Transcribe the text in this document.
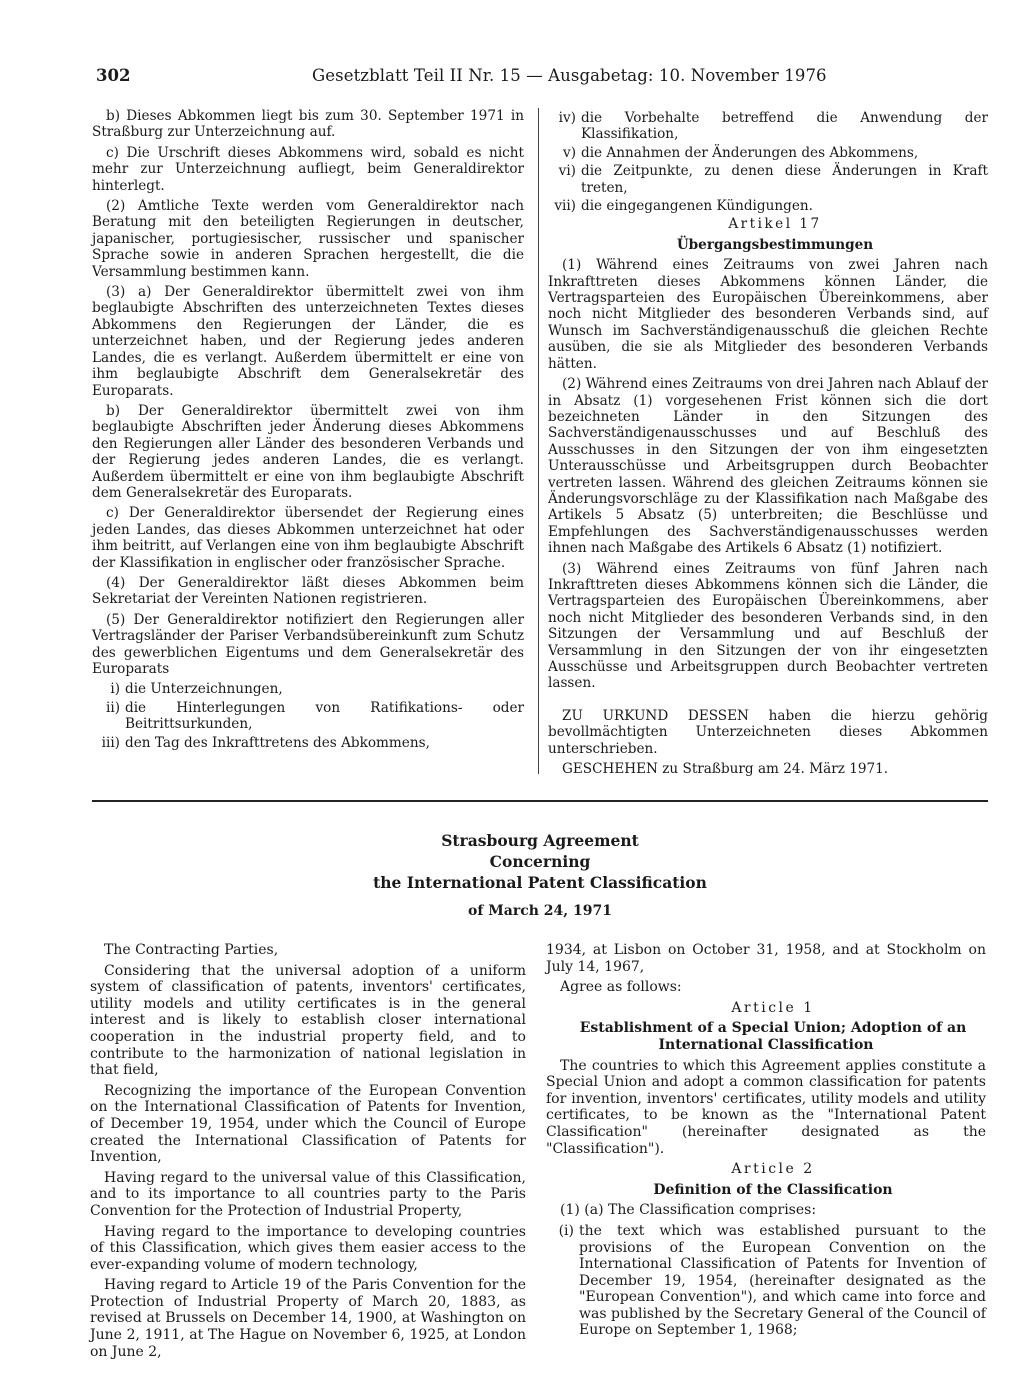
302	Gesetzblatt Teil II Nr. 15 — Ausgabetag: 10. November 1976

b) Dieses Abkommen liegt bis zum 30. September 1971 in Straßburg zur Unterzeichnung auf.

c) Die Urschrift dieses Abkommens wird, sobald es nicht mehr zur Unterzeichnung aufliegt, beim Generaldirektor hinterlegt.

(2) Amtliche Texte werden vom Generaldirektor nach Beratung mit den beteiligten Regierungen in deutscher, japanischer, portugiesischer, russischer und spanischer Sprache sowie in anderen Sprachen hergestellt, die die Versammlung bestimmen kann.

(3) a) Der Generaldirektor übermittelt zwei von ihm beglaubigte Abschriften des unterzeichneten Textes dieses Abkommens den Regierungen der Länder, die es unterzeichnet haben, und der Regierung jedes anderen Landes, die es verlangt. Außerdem übermittelt er eine von ihm beglaubigte Abschrift dem Generalsekretär des Europarats.

b) Der Generaldirektor übermittelt zwei von ihm beglaubigte Abschriften jeder Änderung dieses Abkommens den Regierungen aller Länder des besonderen Verbands und der Regierung jedes anderen Landes, die es verlangt. Außerdem übermittelt er eine von ihm beglaubigte Abschrift dem Generalsekretär des Europarats.

c) Der Generaldirektor übersendet der Regierung eines jeden Landes, das dieses Abkommen unterzeichnet hat oder ihm beitritt, auf Verlangen eine von ihm beglaubigte Abschrift der Klassifikation in englischer oder französischer Sprache.

(4) Der Generaldirektor läßt dieses Abkommen beim Sekretariat der Vereinten Nationen registrieren.

(5) Der Generaldirektor notifiziert den Regierungen aller Vertragsländer der Pariser Verbandsübereinkunft zum Schutz des gewerblichen Eigentums und dem Generalsekretär des Europarats

i) die Unterzeichnungen,
ii) die Hinterlegungen von Ratifikations- oder Beitrittsurkunden,
iii) den Tag des Inkrafttretens des Abkommens,
iv) die Vorbehalte betreffend die Anwendung der Klassifikation,
v) die Annahmen der Änderungen des Abkommens,
vi) die Zeitpunkte, zu denen diese Änderungen in Kraft treten,
vii) die eingegangenen Kündigungen.

Artikel 17

Übergangsbestimmungen

(1) Während eines Zeitraums von zwei Jahren nach Inkrafttreten dieses Abkommens können Länder, die Vertragsparteien des Europäischen Übereinkommens, aber noch nicht Mitglieder des besonderen Verbands sind, auf Wunsch im Sachverständigenausschuß die gleichen Rechte ausüben, die sie als Mitglieder des besonderen Verbands hätten.

(2) Während eines Zeitraums von drei Jahren nach Ablauf der in Absatz (1) vorgesehenen Frist können sich die dort bezeichneten Länder in den Sitzungen des Sachverständigenausschusses und auf Beschluß des Ausschusses in den Sitzungen der von ihm eingesetzten Unterausschüsse und Arbeitsgruppen durch Beobachter vertreten lassen. Während des gleichen Zeitraums können sie Änderungsvorschläge zu der Klassifikation nach Maßgabe des Artikels 5 Absatz (5) unterbreiten; die Beschlüsse und Empfehlungen des Sachverständigenausschusses werden ihnen nach Maßgabe des Artikels 6 Absatz (1) notifiziert.

(3) Während eines Zeitraums von fünf Jahren nach Inkrafttreten dieses Abkommens können sich die Länder, die Vertragsparteien des Europäischen Übereinkommens, aber noch nicht Mitglieder des besonderen Verbands sind, in den Sitzungen der Versammlung und auf Beschluß der Versammlung in den Sitzungen der von ihr eingesetzten Ausschüsse und Arbeitsgruppen durch Beobachter vertreten lassen.

ZU URKUND DESSEN haben die hierzu gehörig bevollmächtigten Unterzeichneten dieses Abkommen unterschrieben.

GESCHEHEN zu Straßburg am 24. März 1971.

Strasbourg Agreement
Concerning
the International Patent Classification
of March 24, 1971

The Contracting Parties,

Considering that the universal adoption of a uniform system of classification of patents, inventors' certificates, utility models and utility certificates is in the general interest and is likely to establish closer international cooperation in the industrial property field, and to contribute to the harmonization of national legislation in that field,

Recognizing the importance of the European Convention on the International Classification of Patents for Invention, of December 19, 1954, under which the Council of Europe created the International Classification of Patents for Invention,

Having regard to the universal value of this Classification, and to its importance to all countries party to the Paris Convention for the Protection of Industrial Property,

Having regard to the importance to developing countries of this Classification, which gives them easier access to the ever-expanding volume of modern technology,

Having regard to Article 19 of the Paris Convention for the Protection of Industrial Property of March 20, 1883, as revised at Brussels on December 14, 1900, at Washington on June 2, 1911, at The Hague on November 6, 1925, at London on June 2,

1934, at Lisbon on October 31, 1958, and at Stockholm on July 14, 1967,

Agree as follows:

Article 1

Establishment of a Special Union; Adoption of an International Classification

The countries to which this Agreement applies constitute a Special Union and adopt a common classification for patents for invention, inventors' certificates, utility models and utility certificates, to be known as the "International Patent Classification" (hereinafter designated as the "Classification").

Article 2

Definition of the Classification

(1) (a) The Classification comprises:

(i) the text which was established pursuant to the provisions of the European Convention on the International Classification of Patents for Invention of December 19, 1954, (hereinafter designated as the "European Convention"), and which came into force and was published by the Secretary General of the Council of Europe on September 1, 1968;
